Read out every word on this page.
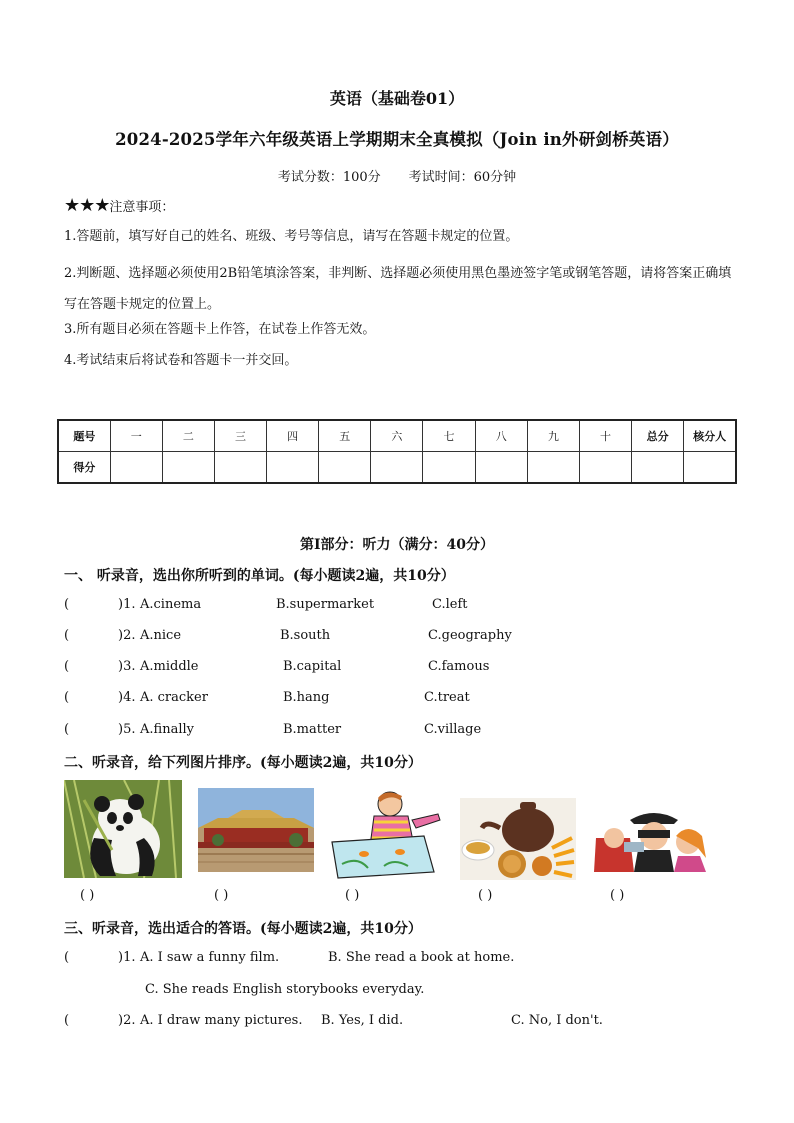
英语（基础卷01）
2024-2025学年六年级英语上学期期末全真模拟（Join in外研剑桥英语）
考试分数：100分 考试时间：60分钟
★★★注意事项：
1.答题前，填写好自己的姓名、班级、考号等信息，请写在答题卡规定的位置。
2.判断题、选择题必须使用2B铅笔填涂答案，非判断、选择题必须使用黑色墨迹签字笔或钢笔答题，请将答案正确填写在答题卡规定的位置上。
3.所有题目必须在答题卡上作答，在试卷上作答无效。
4.考试结束后将试卷和答题卡一并交回。
题号	一	二	三	四	五	六	七	八	九	十	总分	核分人
得分												
第I部分：听力（满分：40分）
一、 听录音，选出你所听到的单词。(每小题读2遍，共10分）
(	)1. A.cinema	B.supermarket	C.left
(	)2. A.nice	B.south	C.geography
(	)3. A.middle	B.capital	C.famous
(	)4. A. cracker	B.hang	C.treat
(	)5. A.finally	B.matter	C.village
二、听录音，给下列图片排序。(每小题读2遍，共10分）
( )	( )	( )	( )	( )
三、听录音，选出适合的答语。(每小题读2遍，共10分）
(	)1. A. I saw a funny film.	B. She read a book at home.
C. She reads English storybooks everyday.
(	)2. A. I draw many pictures. B. Yes, I did.	C. No, I don't.
